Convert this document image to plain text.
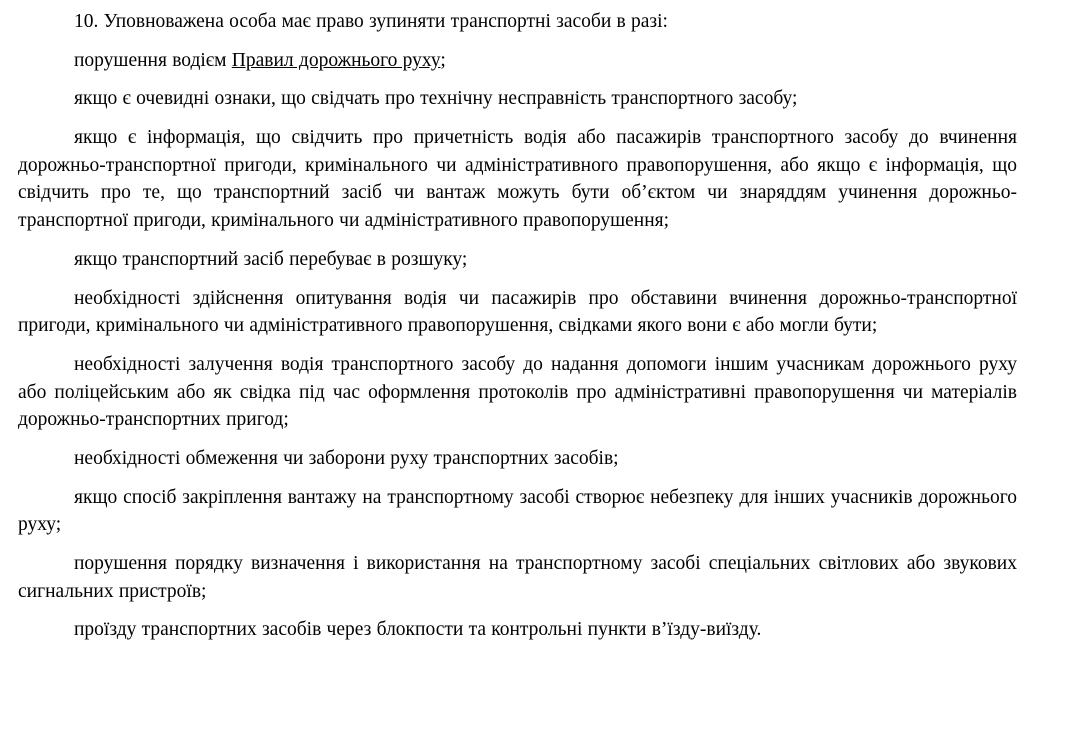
10. Уповноважена особа має право зупиняти транспортні засоби в разі:

порушення водієм Правил дорожнього руху;

якщо є очевидні ознаки, що свідчать про технічну несправність транспортного засобу;

якщо є інформація, що свідчить про причетність водія або пасажирів транспортного засобу до вчинення дорожньо-транспортної пригоди, кримінального чи адміністративного правопорушення, або якщо є інформація, що свідчить про те, що транспортний засіб чи вантаж можуть бути об’єктом чи знаряддям учинення дорожньо-транспортної пригоди, кримінального чи адміністративного правопорушення;

якщо транспортний засіб перебуває в розшуку;

необхідності здійснення опитування водія чи пасажирів про обставини вчинення дорожньо-транспортної пригоди, кримінального чи адміністративного правопорушення, свідками якого вони є або могли бути;

необхідності залучення водія транспортного засобу до надання допомоги іншим учасникам дорожнього руху або поліцейським або як свідка під час оформлення протоколів про адміністративні правопорушення чи матеріалів дорожньо-транспортних пригод;

необхідності обмеження чи заборони руху транспортних засобів;

якщо спосіб закріплення вантажу на транспортному засобі створює небезпеку для інших учасників дорожнього руху;

порушення порядку визначення і використання на транспортному засобі спеціальних світлових або звукових сигнальних пристроїв;

проїзду транспортних засобів через блокпости та контрольні пункти в’їзду-виїзду.
